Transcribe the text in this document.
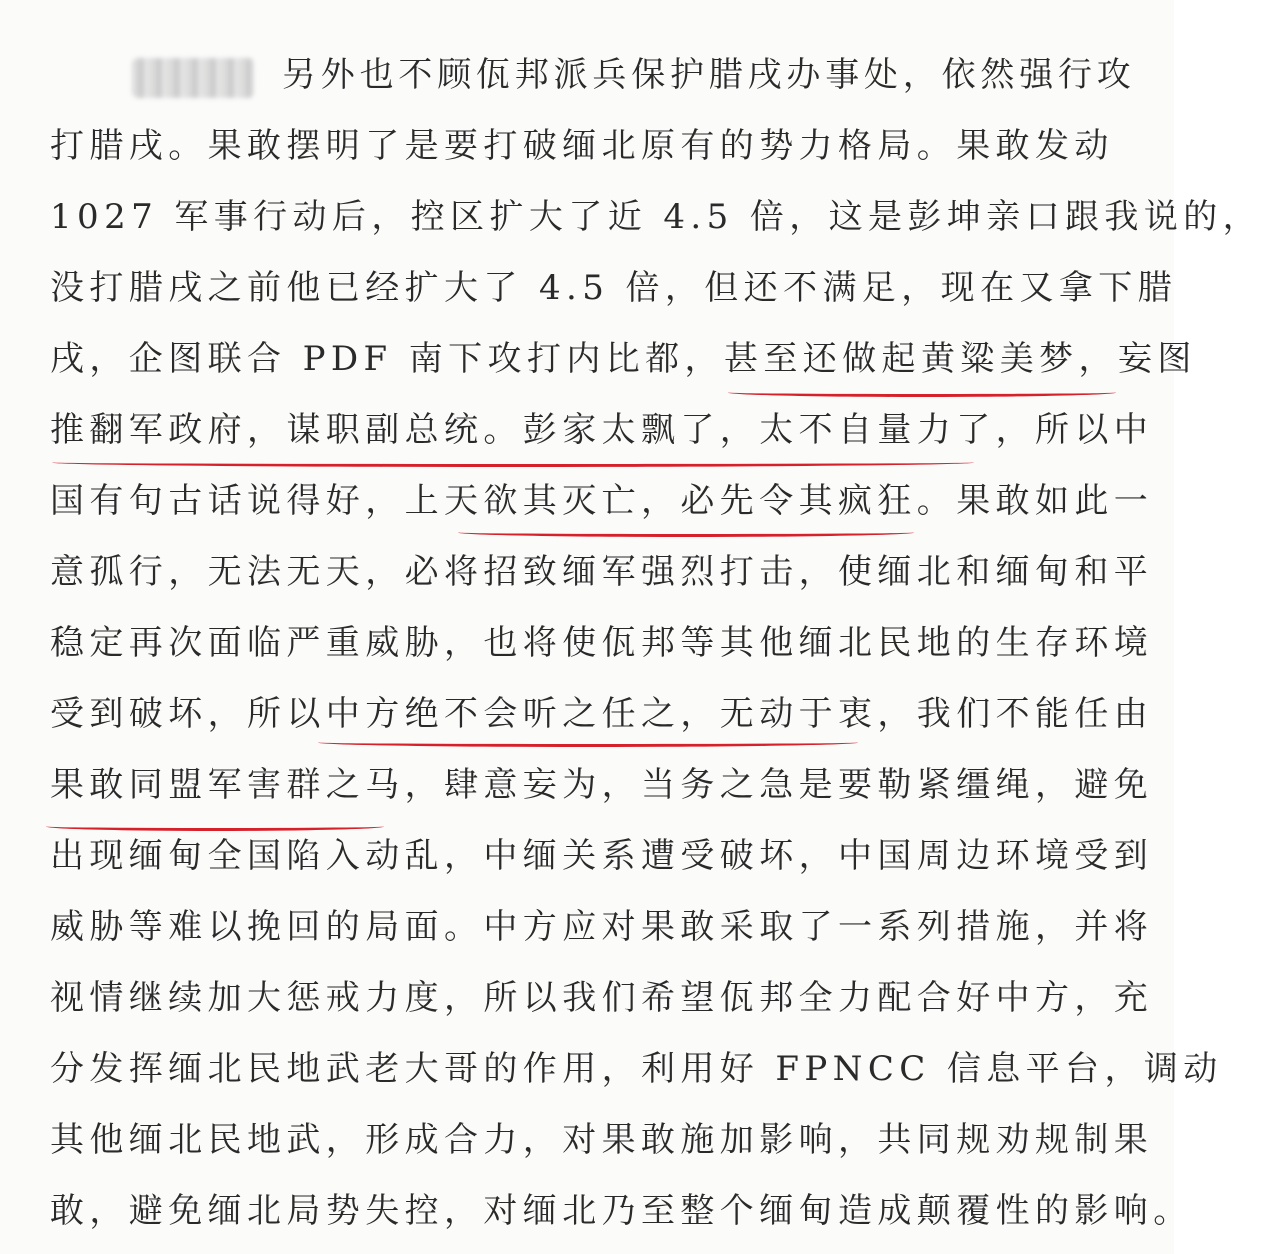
另外也不顾佤邦派兵保护腊戌办事处，依然强行攻
打腊戌。果敢摆明了是要打破缅北原有的势力格局。果敢发动
1027 军事行动后，控区扩大了近 4.5 倍，这是彭坤亲口跟我说的，
没打腊戌之前他已经扩大了 4.5 倍，但还不满足，现在又拿下腊
戌，企图联合 PDF 南下攻打内比都，甚至还做起黄粱美梦，妄图
推翻军政府，谋职副总统。彭家太飘了，太不自量力了，所以中
国有句古话说得好，上天欲其灭亡，必先令其疯狂。果敢如此一
意孤行，无法无天，必将招致缅军强烈打击，使缅北和缅甸和平
稳定再次面临严重威胁，也将使佤邦等其他缅北民地的生存环境
受到破坏，所以中方绝不会听之任之，无动于衷，我们不能任由
果敢同盟军害群之马，肆意妄为，当务之急是要勒紧缰绳，避免
出现缅甸全国陷入动乱，中缅关系遭受破坏，中国周边环境受到
威胁等难以挽回的局面。中方应对果敢采取了一系列措施，并将
视情继续加大惩戒力度，所以我们希望佤邦全力配合好中方，充
分发挥缅北民地武老大哥的作用，利用好 FPNCC 信息平台，调动
其他缅北民地武，形成合力，对果敢施加影响，共同规劝规制果
敢，避免缅北局势失控，对缅北乃至整个缅甸造成颠覆性的影响。
